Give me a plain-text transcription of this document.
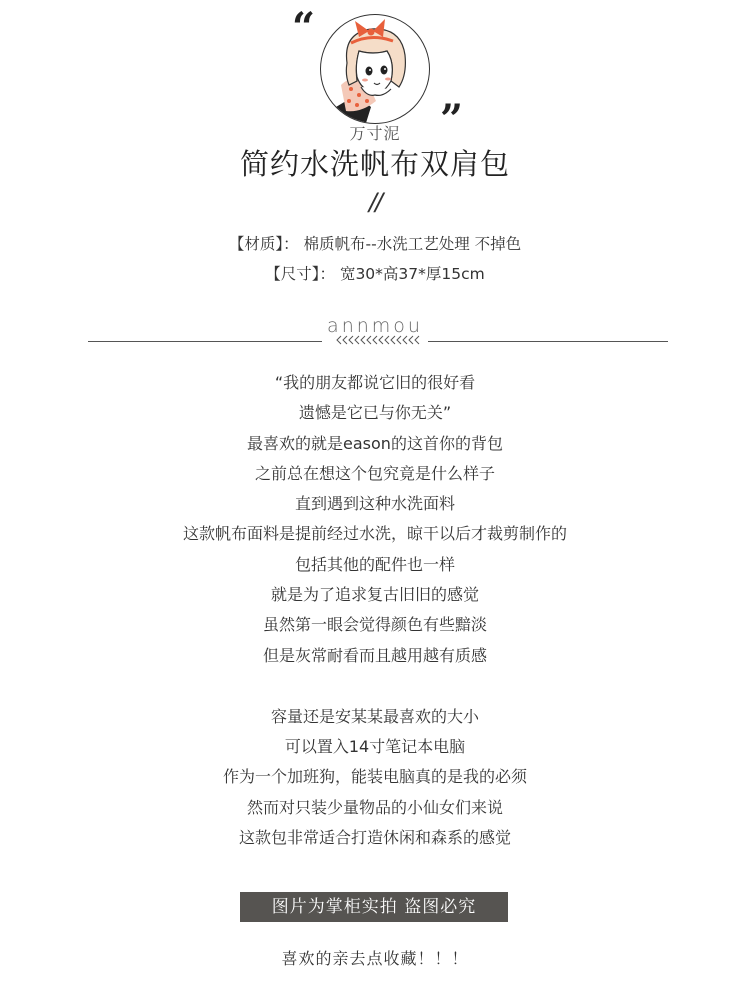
“
”
万寸泥
简约水洗帆布双肩包
//
【材质】： 棉质帆布--水洗工艺处理 不掉色
【尺寸】： 宽30*高37*厚15cm
annmou
“我的朋友都说它旧的很好看
遗憾是它已与你无关”
最喜欢的就是eason的这首你的背包
之前总在想这个包究竟是什么样子
直到遇到这种水洗面料
这款帆布面料是提前经过水洗，晾干以后才裁剪制作的
包括其他的配件也一样
就是为了追求复古旧旧的感觉
虽然第一眼会觉得颜色有些黯淡
但是灰常耐看而且越用越有质感
容量还是安某某最喜欢的大小
可以置入14寸笔记本电脑
作为一个加班狗，能装电脑真的是我的必须
然而对只装少量物品的小仙女们来说
这款包非常适合打造休闲和森系的感觉
图片为掌柜实拍 盗图必究
喜欢的亲去点收藏！！！
